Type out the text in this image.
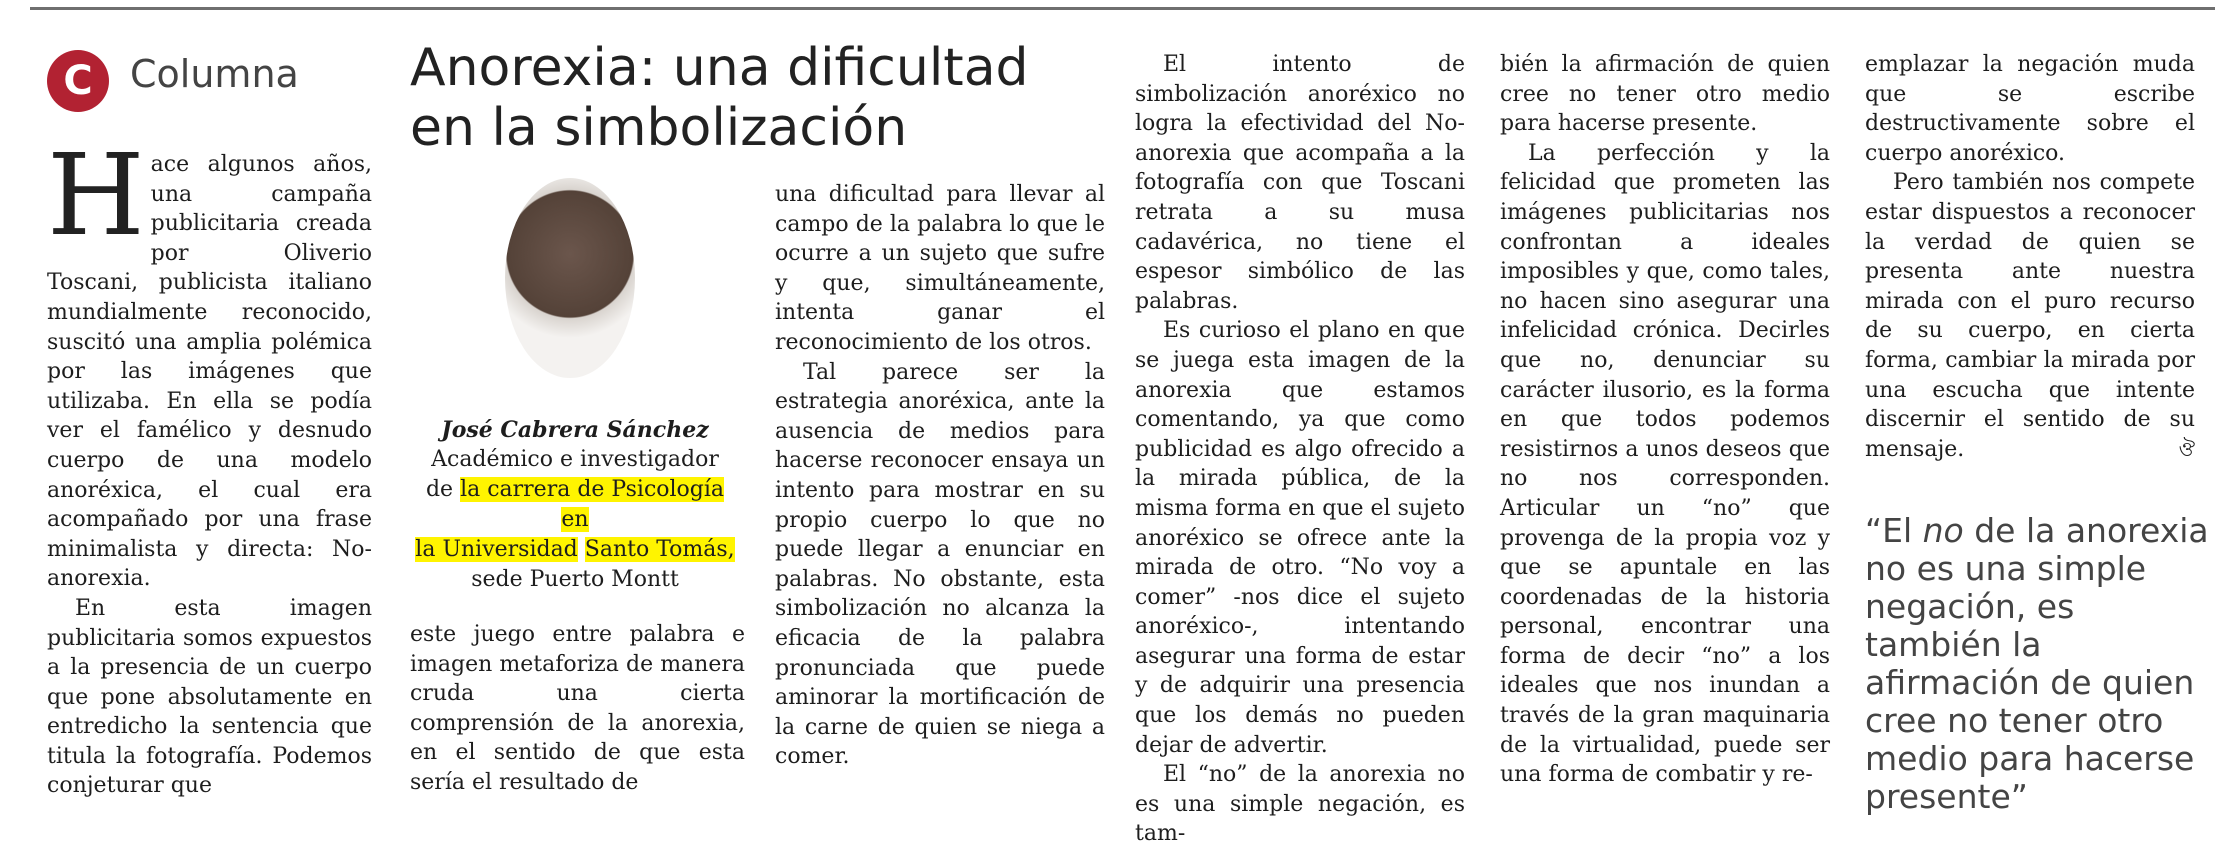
C Columna Anorexia: una dificultad
en la simbolización

Hace algunos años, una campaña publicitaria creada por Oliverio Toscani, publicista italiano mundialmente reconocido, suscitó una amplia polémica por las imágenes que utilizaba. En ella se podía ver el famélico y desnudo cuerpo de una modelo anoréxica, el cual era acompañado por una frase minimalista y directa: No-anorexia.

En esta imagen publicitaria somos expuestos a la presencia de un cuerpo que pone absolutamente en entredicho la sentencia que titula la fotografía. Podemos conjeturar que

José Cabrera Sánchez
Académico e investigador
de la carrera de Psicología en
la Universidad Santo Tomás,
sede Puerto Montt

este juego entre palabra e imagen metaforiza de manera cruda una cierta comprensión de la anorexia, en el sentido de que esta sería el resultado de

una dificultad para llevar al campo de la palabra lo que le ocurre a un sujeto que sufre y que, simultáneamente, intenta ganar el reconocimiento de los otros.

Tal parece ser la estrategia anoréxica, ante la ausencia de medios para hacerse reconocer ensaya un intento para mostrar en su propio cuerpo lo que no puede llegar a enunciar en palabras. No obstante, esta simbolización no alcanza la eficacia de la palabra pronunciada que puede aminorar la mortificación de la carne de quien se niega a comer.

El intento de simbolización anoréxico no logra la efectividad del No-anorexia que acompaña a la fotografía con que Toscani retrata a su musa cadavérica, no tiene el espesor simbólico de las palabras.

Es curioso el plano en que se juega esta imagen de la anorexia que estamos comentando, ya que como publicidad es algo ofrecido a la mirada pública, de la misma forma en que el sujeto anoréxico se ofrece ante la mirada de otro. “No voy a comer” -nos dice el sujeto anoréxico-, intentando asegurar una forma de estar y de adquirir una presencia que los demás no pueden dejar de advertir.

El “no” de la anorexia no es una simple negación, es tam-

bién la afirmación de quien cree no tener otro medio para hacerse presente.

La perfección y la felicidad que prometen las imágenes publicitarias nos confrontan a ideales imposibles y que, como tales, no hacen sino asegurar una infelicidad crónica. Decirles que no, denunciar su carácter ilusorio, es la forma en que todos podemos resistirnos a unos deseos que no nos corresponden. Articular un “no” que provenga de la propia voz y que se apuntale en las coordenadas de la historia personal, encontrar una forma de decir “no” a los ideales que nos inundan a través de la gran maquinaria de la virtualidad, puede ser una forma de combatir y re-

emplazar la negación muda que se escribe destructivamente sobre el cuerpo anoréxico.

Pero también nos compete estar dispuestos a reconocer la verdad de quien se presenta ante nuestra mirada con el puro recurso de su cuerpo, en cierta forma, cambiar la mirada por una escucha que intente discernir el sentido de su mensaje.	ঔ

“El no de la anorexia no es una simple negación, es también la afirmación de quien cree no tener otro medio para hacerse presente”
